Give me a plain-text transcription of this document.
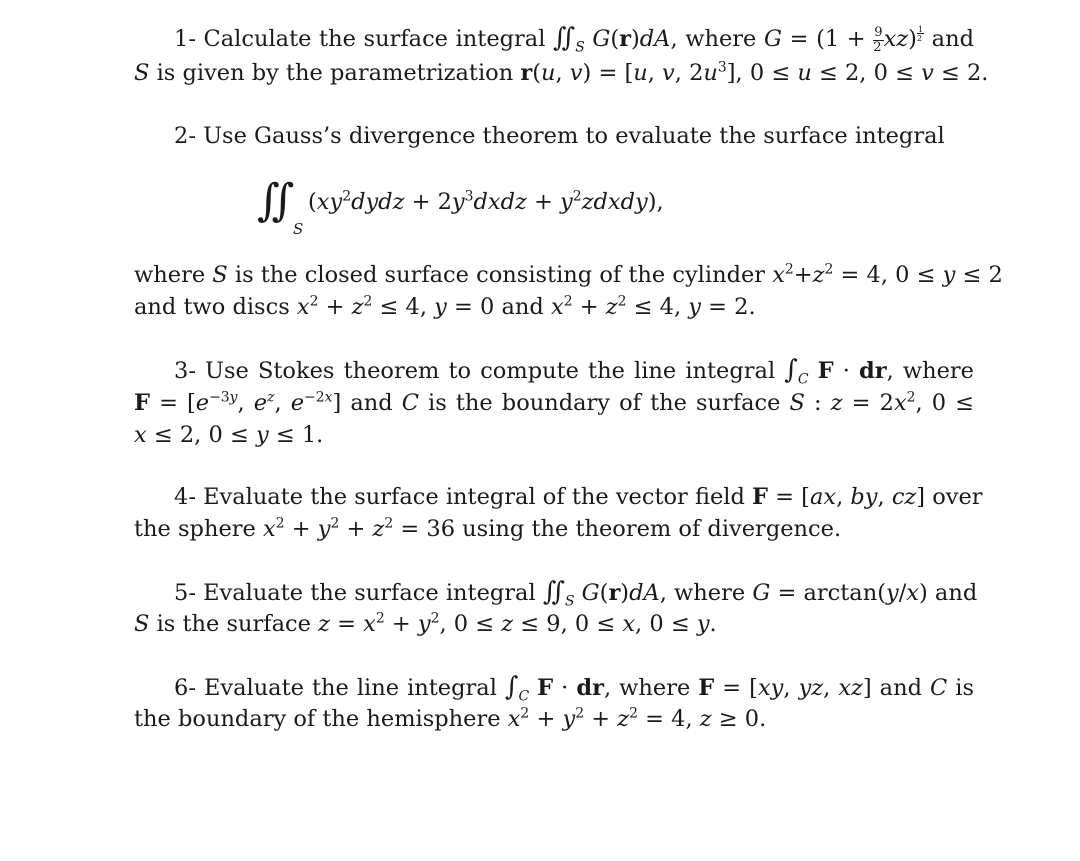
1- Calculate the surface integral $∬_S$ G(r)dA, where $G = (1 + \frac{9}{2} xz)$ $^{\frac{1}{2}}$ and
S is given by the parametrization r(u, v) = [u, v, $2u^3$], 0 ≤ u ≤ 2, 0 ≤ v ≤ 2.
2- Use Gauss’s divergence theorem to evaluate the surface integral
∬
S
($xy^2dydz$ + $2y^3dxdz$ + $y^2zdxdy$),
where S is the closed surface consisting of the cylinder $x^2+z^2 = 4$, 0 ≤ y ≤ 2
and two discs $x^2 + z^2 \le 4$, y = 0 and $x^2 + z^2 \le 4$, y = 2.
3- Use Stokes theorem to compute the line integral $\int_C$ F · dr, where
$F = [e^{-3y}$, $e^z$, $e^{-2x}$] and C is the boundary of the surface S : $z = 2x^2$, 0 ≤
x ≤ 2, 0 ≤ y ≤ 1.
4- Evaluate the surface integral of the vector field F = [ax, by, cz] over
the sphere $x^2 + y^2 + z^2 = 36$ using the theorem of divergence.
5- Evaluate the surface integral $∬_S$ G(r)dA, where G = arctan(y/x) and
S is the surface $z = x^2 + y^2$, 0 ≤ z ≤ 9, 0 ≤ x, 0 ≤ y.
6- Evaluate the line integral $\int_C$ F · dr, where F = [xy, yz, xz] and C is
the boundary of the hemisphere $x^2 + y^2 + z^2 = 4$, z ≥ 0.
